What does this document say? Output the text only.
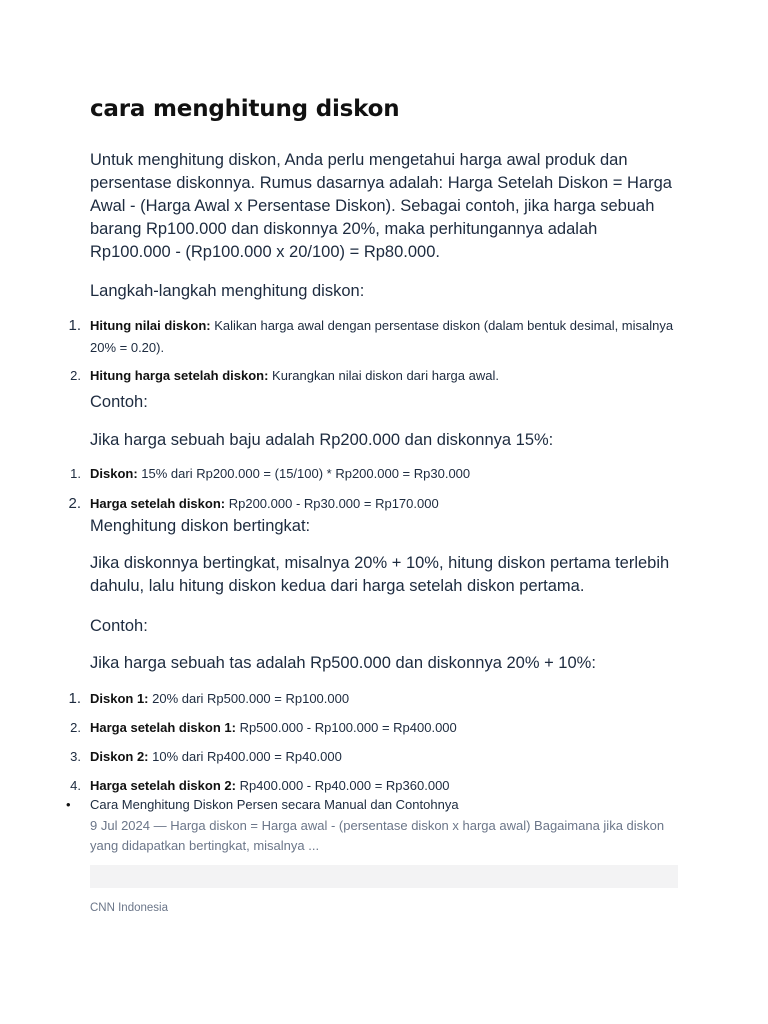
cara menghitung diskon

Untuk menghitung diskon, Anda perlu mengetahui harga awal produk dan persentase diskonnya. Rumus dasarnya adalah: Harga Setelah Diskon = Harga Awal - (Harga Awal x Persentase Diskon). Sebagai contoh, jika harga sebuah barang Rp100.000 dan diskonnya 20%, maka perhitungannya adalah Rp100.000 - (Rp100.000 x 20/100) = Rp80.000.

Langkah-langkah menghitung diskon:

1. Hitung nilai diskon: Kalikan harga awal dengan persentase diskon (dalam bentuk desimal, misalnya 20% = 0.20).
2. Hitung harga setelah diskon: Kurangkan nilai diskon dari harga awal.

Contoh:

Jika harga sebuah baju adalah Rp200.000 dan diskonnya 15%:

1. Diskon: 15% dari Rp200.000 = (15/100) * Rp200.000 = Rp30.000
2. Harga setelah diskon: Rp200.000 - Rp30.000 = Rp170.000

Menghitung diskon bertingkat:

Jika diskonnya bertingkat, misalnya 20% + 10%, hitung diskon pertama terlebih dahulu, lalu hitung diskon kedua dari harga setelah diskon pertama.

Contoh:

Jika harga sebuah tas adalah Rp500.000 dan diskonnya 20% + 10%:

1. Diskon 1: 20% dari Rp500.000 = Rp100.000
2. Harga setelah diskon 1: Rp500.000 - Rp100.000 = Rp400.000
3. Diskon 2: 10% dari Rp400.000 = Rp40.000
4. Harga setelah diskon 2: Rp400.000 - Rp40.000 = Rp360.000
• Cara Menghitung Diskon Persen secara Manual dan Contohnya
9 Jul 2024 — Harga diskon = Harga awal - (persentase diskon x harga awal) Bagaimana jika diskon yang didapatkan bertingkat, misalnya ...
CNN Indonesia
